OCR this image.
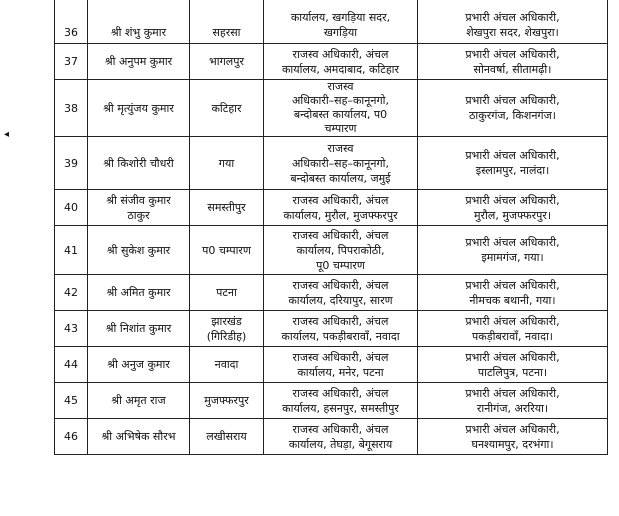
◂
36	श्री शंभु कुमार	सहरसा	कार्यालय, खगड़िया सदर,
खगड़िया	प्रभारी अंचल अधिकारी,
शेखपुरा सदर, शेखपुरा।
37	श्री अनुपम कुमार	भागलपुर	राजस्व अधिकारी, अंचल
कार्यालय, अमदाबाद, कटिहार	प्रभारी अंचल अधिकारी,
सोनवर्षा, सीतामढ़ी।
38	श्री मृत्युंजय कुमार	कटिहार	राजस्व
अधिकारी–सह–कानूनगो,
बन्दोबस्त कार्यालय, प0
चम्पारण	प्रभारी अंचल अधिकारी,
ठाकुरगंज, किशनगंज।
39	श्री किशोरी चौधरी	गया	राजस्व
अधिकारी–सह–कानूनगो,
बन्दोबस्त कार्यालय, जमुई	प्रभारी अंचल अधिकारी,
इस्लामपुर, नालंदा।
40	श्री संजीव कुमार
ठाकुर	समस्तीपुर	राजस्व अधिकारी, अंचल
कार्यालय, मुरौल, मुजफ्फरपुर	प्रभारी अंचल अधिकारी,
मुरौल, मुजफ्फरपुर।
41	श्री सुकेश कुमार	प0 चम्पारण	राजस्व अधिकारी, अंचल
कार्यालय, पिपराकोठी,
पू0 चम्पारण	प्रभारी अंचल अधिकारी,
इमामगंज, गया।
42	श्री अमित कुमार	पटना	राजस्व अधिकारी, अंचल
कार्यालय, दरियापुर, सारण	प्रभारी अंचल अधिकारी,
नीमचक बथानी, गया।
43	श्री निशांत कुमार	झारखंड
(गिरिडीह)	राजस्व अधिकारी, अंचल
कार्यालय, पकड़ीबरावाँ, नवादा	प्रभारी अंचल अधिकारी,
पकड़ीबरावाँ, नवादा।
44	श्री अनुज कुमार	नवादा	राजस्व अधिकारी, अंचल
कार्यालय, मनेर, पटना	प्रभारी अंचल अधिकारी,
पाटलिपुत्र, पटना।
45	श्री अमृत राज	मुजफ्फरपुर	राजस्व अधिकारी, अंचल
कार्यालय, हसनपुर, समस्तीपुर	प्रभारी अंचल अधिकारी,
रानीगंज, अररिया।
46	श्री अभिषेक सौरभ	लखीसराय	राजस्व अधिकारी, अंचल
कार्यालय, तेघड़ा, बेगूसराय	प्रभारी अंचल अधिकारी,
घनश्यामपुर, दरभंगा।
